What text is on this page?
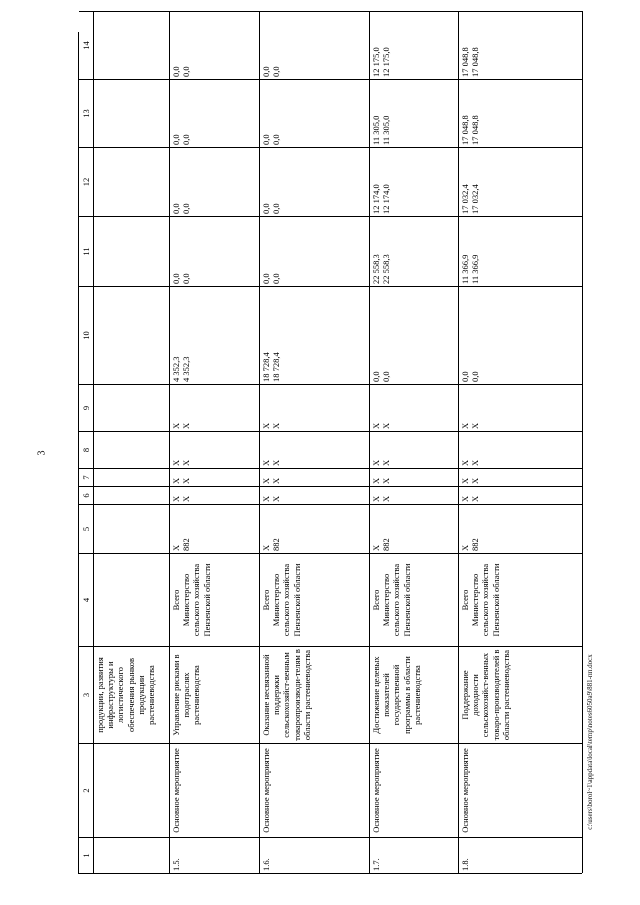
3
1
2
3
4
5
6
7
8
9
10
11
12
13
14
продукции, развития инфраструктуры и логистического обеспечения рынков продукции растениеводства
1.5.
Основное мероприятие
Управление рисками в подотраслях растениеводства
Всего Министерство сельского хозяйства Пензенской области
X 882
X X
X X
X X
X X
4 352,3 4 352,3
0,0 0,0
0,0 0,0
0,0 0,0
0,0 0,0
1.6.
Основное мероприятие
Оказание несвязанной поддержки сельскохозяйст-венным товаропроизводи-телям в области растениеводства
Всего Министерство сельского хозяйства Пензенской области
X 882
X X
X X
X X
X X
18 728,4 18 728,4
0,0 0,0
0,0 0,0
0,0 0,0
0,0 0,0
1.7.
Основное мероприятие
Достижение целевых показателей государственной программы в области растениеводства
Всего Министерство сельского хозяйства Пензенской области
X 882
X X
X X
X X
X X
0,0 0,0
22 558,3 22 558,3
12 174,0 12 174,0
11 305,0 11 305,0
12 175,0 12 175,0
1.8.
Основное мероприятие
Поддержание доходности сельскохозяйст-венных товаро-производителей в области растениеводства
Всего Министерство сельского хозяйства Пензенской области
X 882
X X
X X
X X
X X
0,0 0,0
11 366,9 11 366,9
17 032,4 17 032,4
17 048,8 17 048,8
17 048,8 17 048,8
c:\users\borol~1\appdata\local\temp\notes6050a9\881-пп.docx
